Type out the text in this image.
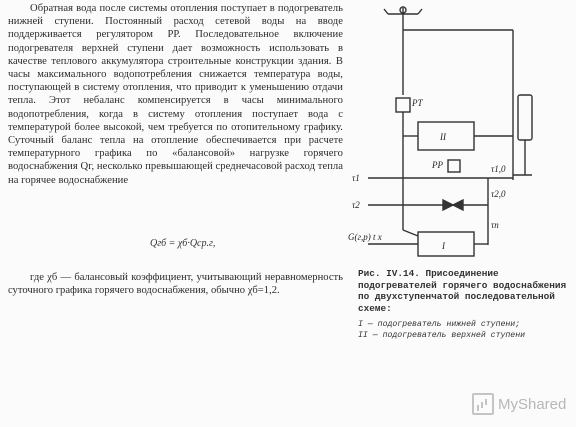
Обратная вода после системы отопления поступает в подогреватель нижней ступени. Постоянный расход сетевой воды на вводе поддерживается регулятором РР. Последовательное включение подогревателя верхней ступени дает возможность использовать в качестве теплового аккумулятора строительные конструкции здания. В часы максимального водопотребления снижается температура воды, поступающей в систему отопления, что приводит к уменьшению отдачи тепла. Этот небаланс компенсируется в часы минимального водопотребления, когда в систему отопления поступает вода с температурой более высокой, чем требуется по отопительному графику. Суточный баланс тепла на отопление обеспечивается при расчете температурного графика по «балансовой» нагрузке горячего водоснабжения Qг, несколько превышающей среднечасовой расход тепла на горячее водоснабжение

Qгб = χб·Qср.г,

где χб — балансовый коэффициент, учитывающий неравномерность суточного графика горячего водоснабжения, обычно χб=1,2.

РТ
РР
II
I
τ1
τ2
τ1,0
τ2,0
τп
G(г,р) t х
Рис. IV.14. Присоединение подогревателей горячего водоснабжения по двухступенчатой последовательной схеме:
I — подогреватель нижней ступени;
II — подогреватель верхней ступени
MyShared
